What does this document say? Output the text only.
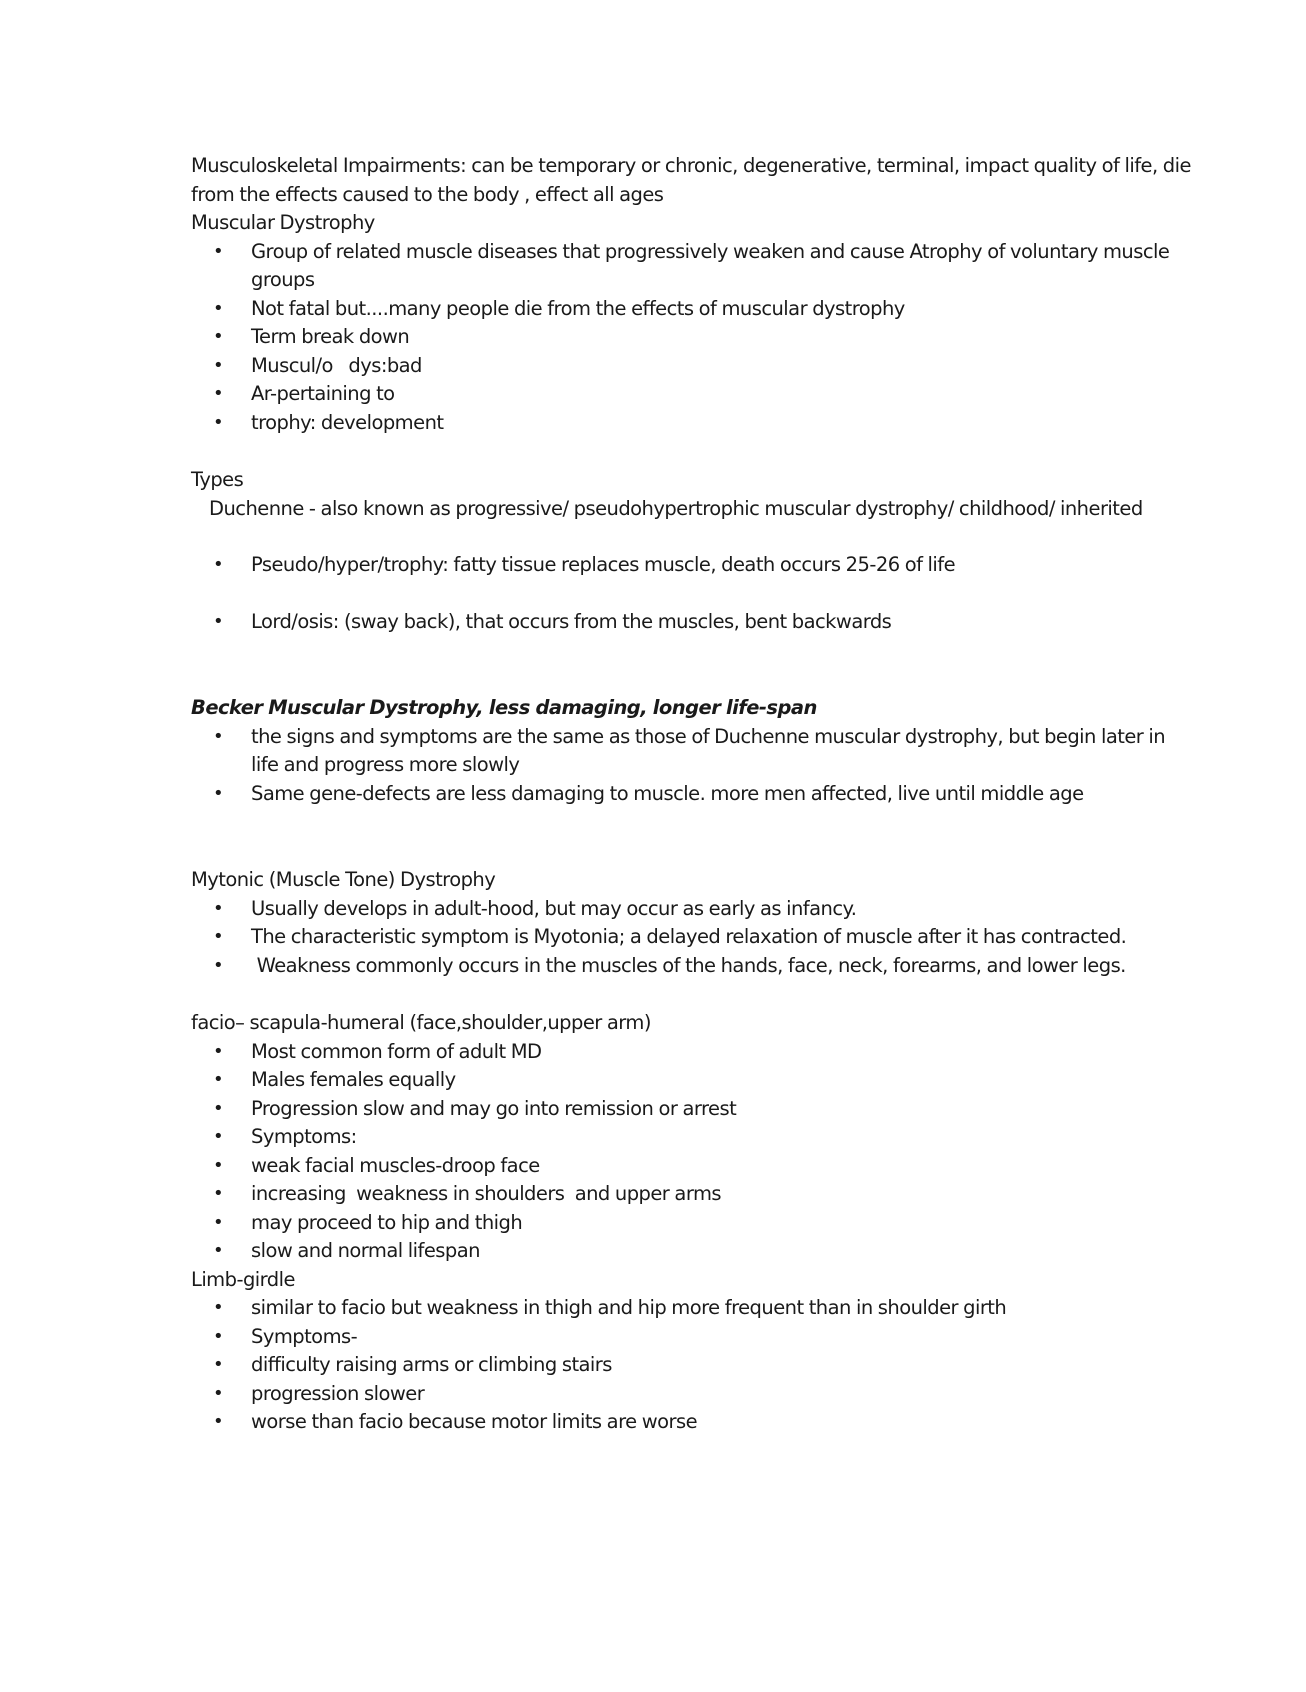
Musculoskeletal Impairments: can be temporary or chronic, degenerative, terminal, impact quality of life, die from the effects caused to the body , effect all ages
Muscular Dystrophy
• Group of related muscle diseases that progressively weaken and cause Atrophy of voluntary muscle groups
• Not fatal but....many people die from the effects of muscular dystrophy
• Term break down
• Muscul/o   dys:bad
• Ar-pertaining to
• trophy: development
Types
Duchenne - also known as progressive/ pseudohypertrophic muscular dystrophy/ childhood/ inherited
• Pseudo/hyper/trophy: fatty tissue replaces muscle, death occurs 25-26 of life
• Lord/osis: (sway back), that occurs from the muscles, bent backwards
Becker Muscular Dystrophy, less damaging, longer life-span
• the signs and symptoms are the same as those of Duchenne muscular dystrophy, but begin later in life and progress more slowly
• Same gene-defects are less damaging to muscle. more men affected, live until middle age
Mytonic (Muscle Tone) Dystrophy
• Usually develops in adult-hood, but may occur as early as infancy.
• The characteristic symptom is Myotonia; a delayed relaxation of muscle after it has contracted.
• Weakness commonly occurs in the muscles of the hands, face, neck, forearms, and lower legs.
facio– scapula-humeral (face,shoulder,upper arm)
• Most common form of adult MD
• Males females equally
• Progression slow and may go into remission or arrest
• Symptoms:
• weak facial muscles-droop face
• increasing  weakness in shoulders  and upper arms
• may proceed to hip and thigh
• slow and normal lifespan
Limb-girdle
• similar to facio but weakness in thigh and hip more frequent than in shoulder girth
• Symptoms-
• difficulty raising arms or climbing stairs
• progression slower
• worse than facio because motor limits are worse
